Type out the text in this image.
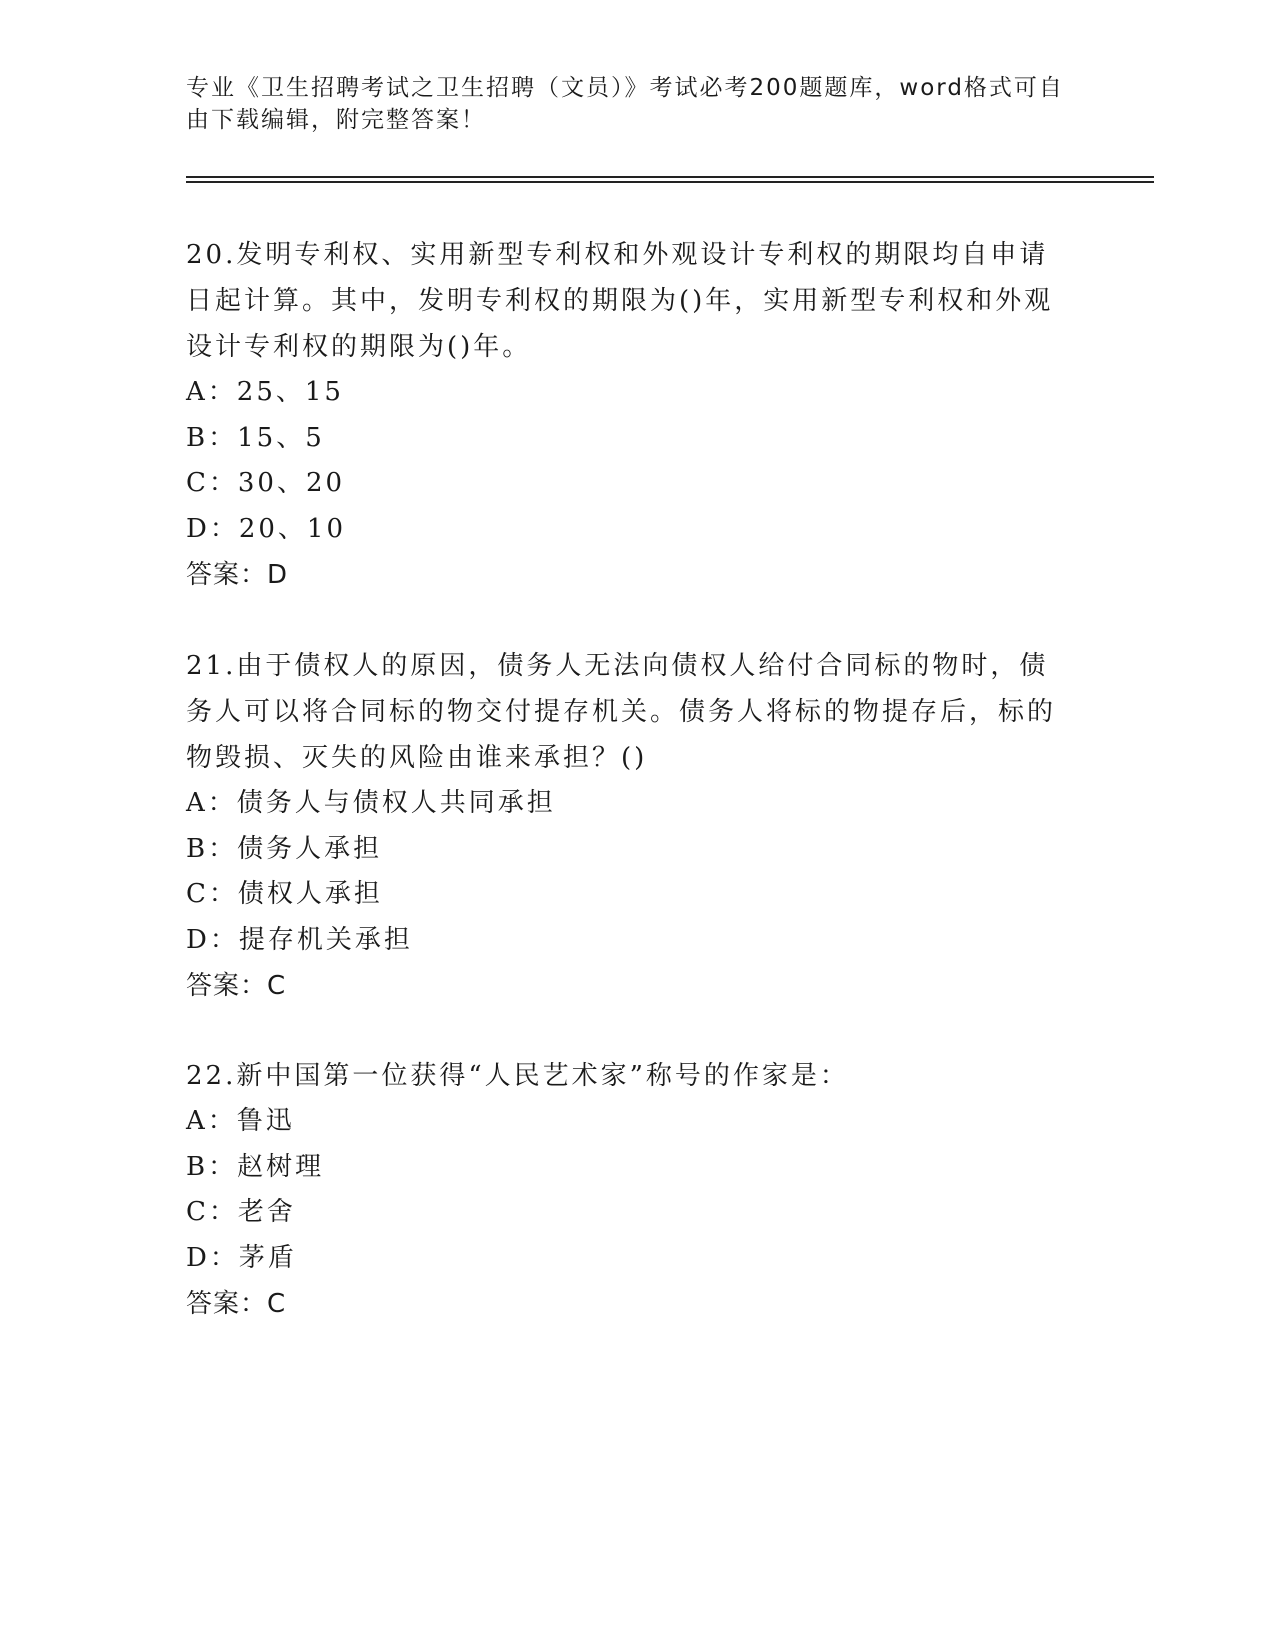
专业《卫生招聘考试之卫生招聘（文员）》考试必考200题题库，word格式可自由下载编辑，附完整答案！
20.发明专利权、实用新型专利权和外观设计专利权的期限均自申请日起计算。其中，发明专利权的期限为()年，实用新型专利权和外观设计专利权的期限为()年。
A：25、15
B：15、5
C：30、20
D：20、10
答案：D
21.由于债权人的原因，债务人无法向债权人给付合同标的物时，债务人可以将合同标的物交付提存机关。债务人将标的物提存后，标的物毁损、灭失的风险由谁来承担？()
A：债务人与债权人共同承担
B：债务人承担
C：债权人承担
D：提存机关承担
答案：C
22.新中国第一位获得“人民艺术家”称号的作家是：
A：鲁迅
B：赵树理
C：老舍
D：茅盾
答案：C
